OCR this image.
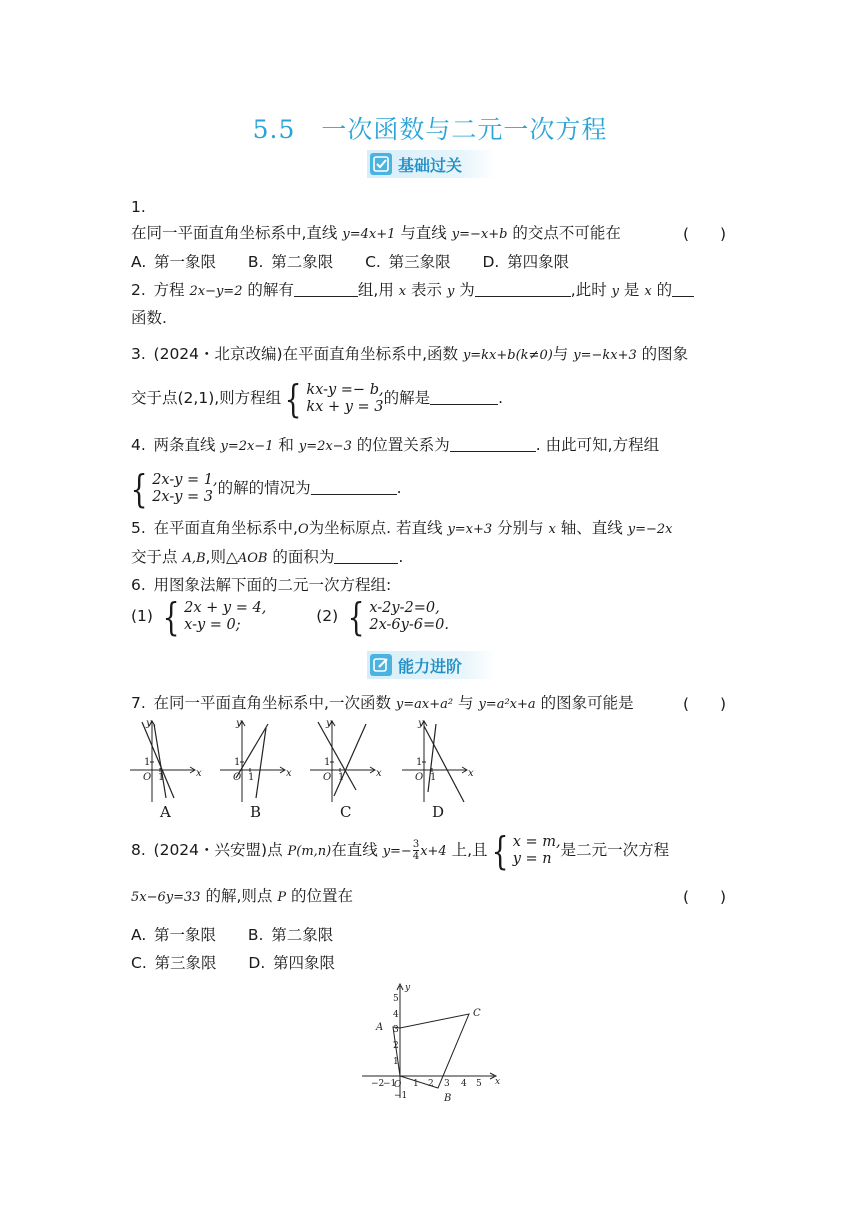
5.5　一次函数与二元一次方程
基础过关
1.
在同一平面直角坐标系中,直线 y=4x+1 与直线 y=−x+b 的交点不可能在	(　　)
A. 第一象限 B. 第二象限 C. 第三象限 D. 第四象限
2. 方程 2x−y=2 的解有	组,用 x 表示 y 为	,此时 y 是 x 的
函数.
3. (2024・北京改编)在平面直角坐标系中,函数 y=kx+b(k≠0)与 y=−kx+3 的图象
交于点(2,1),则方程组 { kx-y =− b,
kx + y = 3 的解是	.
4. 两条直线 y=2x−1 和 y=2x−3 的位置关系为	. 由此可知,方程组
{ 2x-y = 1,
2x-y = 3 的解的情况为	.
5. 在平面直角坐标系中,O为坐标原点. 若直线 y=x+3 分别与 x 轴、直线 y=−2x
交于点 A,B,则△AOB 的面积为	.
6. 用图象法解下面的二元一次方程组:
(1) { 2x + y = 4,
x-y = 0;	(2) { x-2y-2=0,
2x-6y-6=0.
能力进阶
7. 在同一平面直角坐标系中,一次函数 y=ax+a² 与 y=a²x+a 的图象可能是	(　　)
y
x
O
1
1
A
y
x
O
1
1
B
y
x
O
1
1
C
y
x
O
1
1
D
8. (2024・兴安盟)点 P(m,n)在直线 $y=- \frac{3}{4} x+4$ 上,且 { x = m,
y = n 是二元一次方程
5x−6y=33 的解,则点 P 的位置在	(　　)
A. 第一象限 B. 第二象限
C. 第三象限 D. 第四象限
−2
−1
O 1 2 3 4 5 x
1
2
3
4
5
−1
y
A
B
C
